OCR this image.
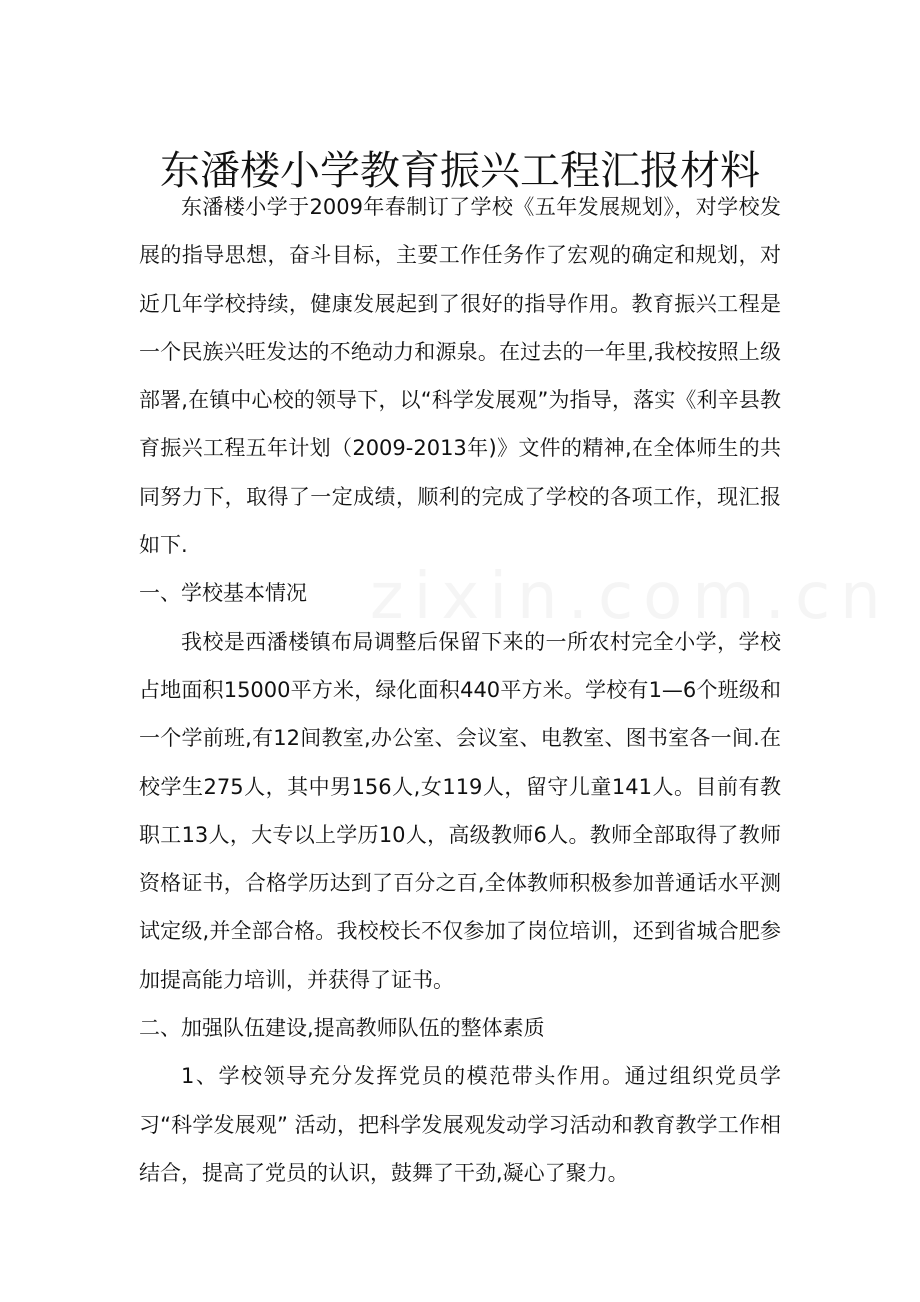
zixin.com.cn
东潘楼小学教育振兴工程汇报材料

东潘楼小学于2009年春制订了学校《五年发展规划》，对学校发展的指导思想，奋斗目标，主要工作任务作了宏观的确定和规划，对近几年学校持续，健康发展起到了很好的指导作用。教育振兴工程是一个民族兴旺发达的不绝动力和源泉。在过去的一年里,我校按照上级部署,在镇中心校的领导下，以“科学发展观”为指导，落实《利辛县教育振兴工程五年计划（2009-2013年)》文件的精神,在全体师生的共同努力下，取得了一定成绩，顺利的完成了学校的各项工作，现汇报如下.

一、学校基本情况

我校是西潘楼镇布局调整后保留下来的一所农村完全小学，学校占地面积15000平方米，绿化面积440平方米。学校有1—6个班级和一个学前班,有12间教室,办公室、会议室、电教室、图书室各一间.在校学生275人，其中男156人,女119人，留守儿童141人。目前有教职工13人，大专以上学历10人，高级教师6人。教师全部取得了教师资格证书，合格学历达到了百分之百,全体教师积极参加普通话水平测试定级,并全部合格。我校校长不仅参加了岗位培训，还到省城合肥参加提高能力培训，并获得了证书。

二、加强队伍建设,提高教师队伍的整体素质

1、学校领导充分发挥党员的模范带头作用。通过组织党员学习“科学发展观” 活动，把科学发展观发动学习活动和教育教学工作相结合，提高了党员的认识，鼓舞了干劲,凝心了聚力。
